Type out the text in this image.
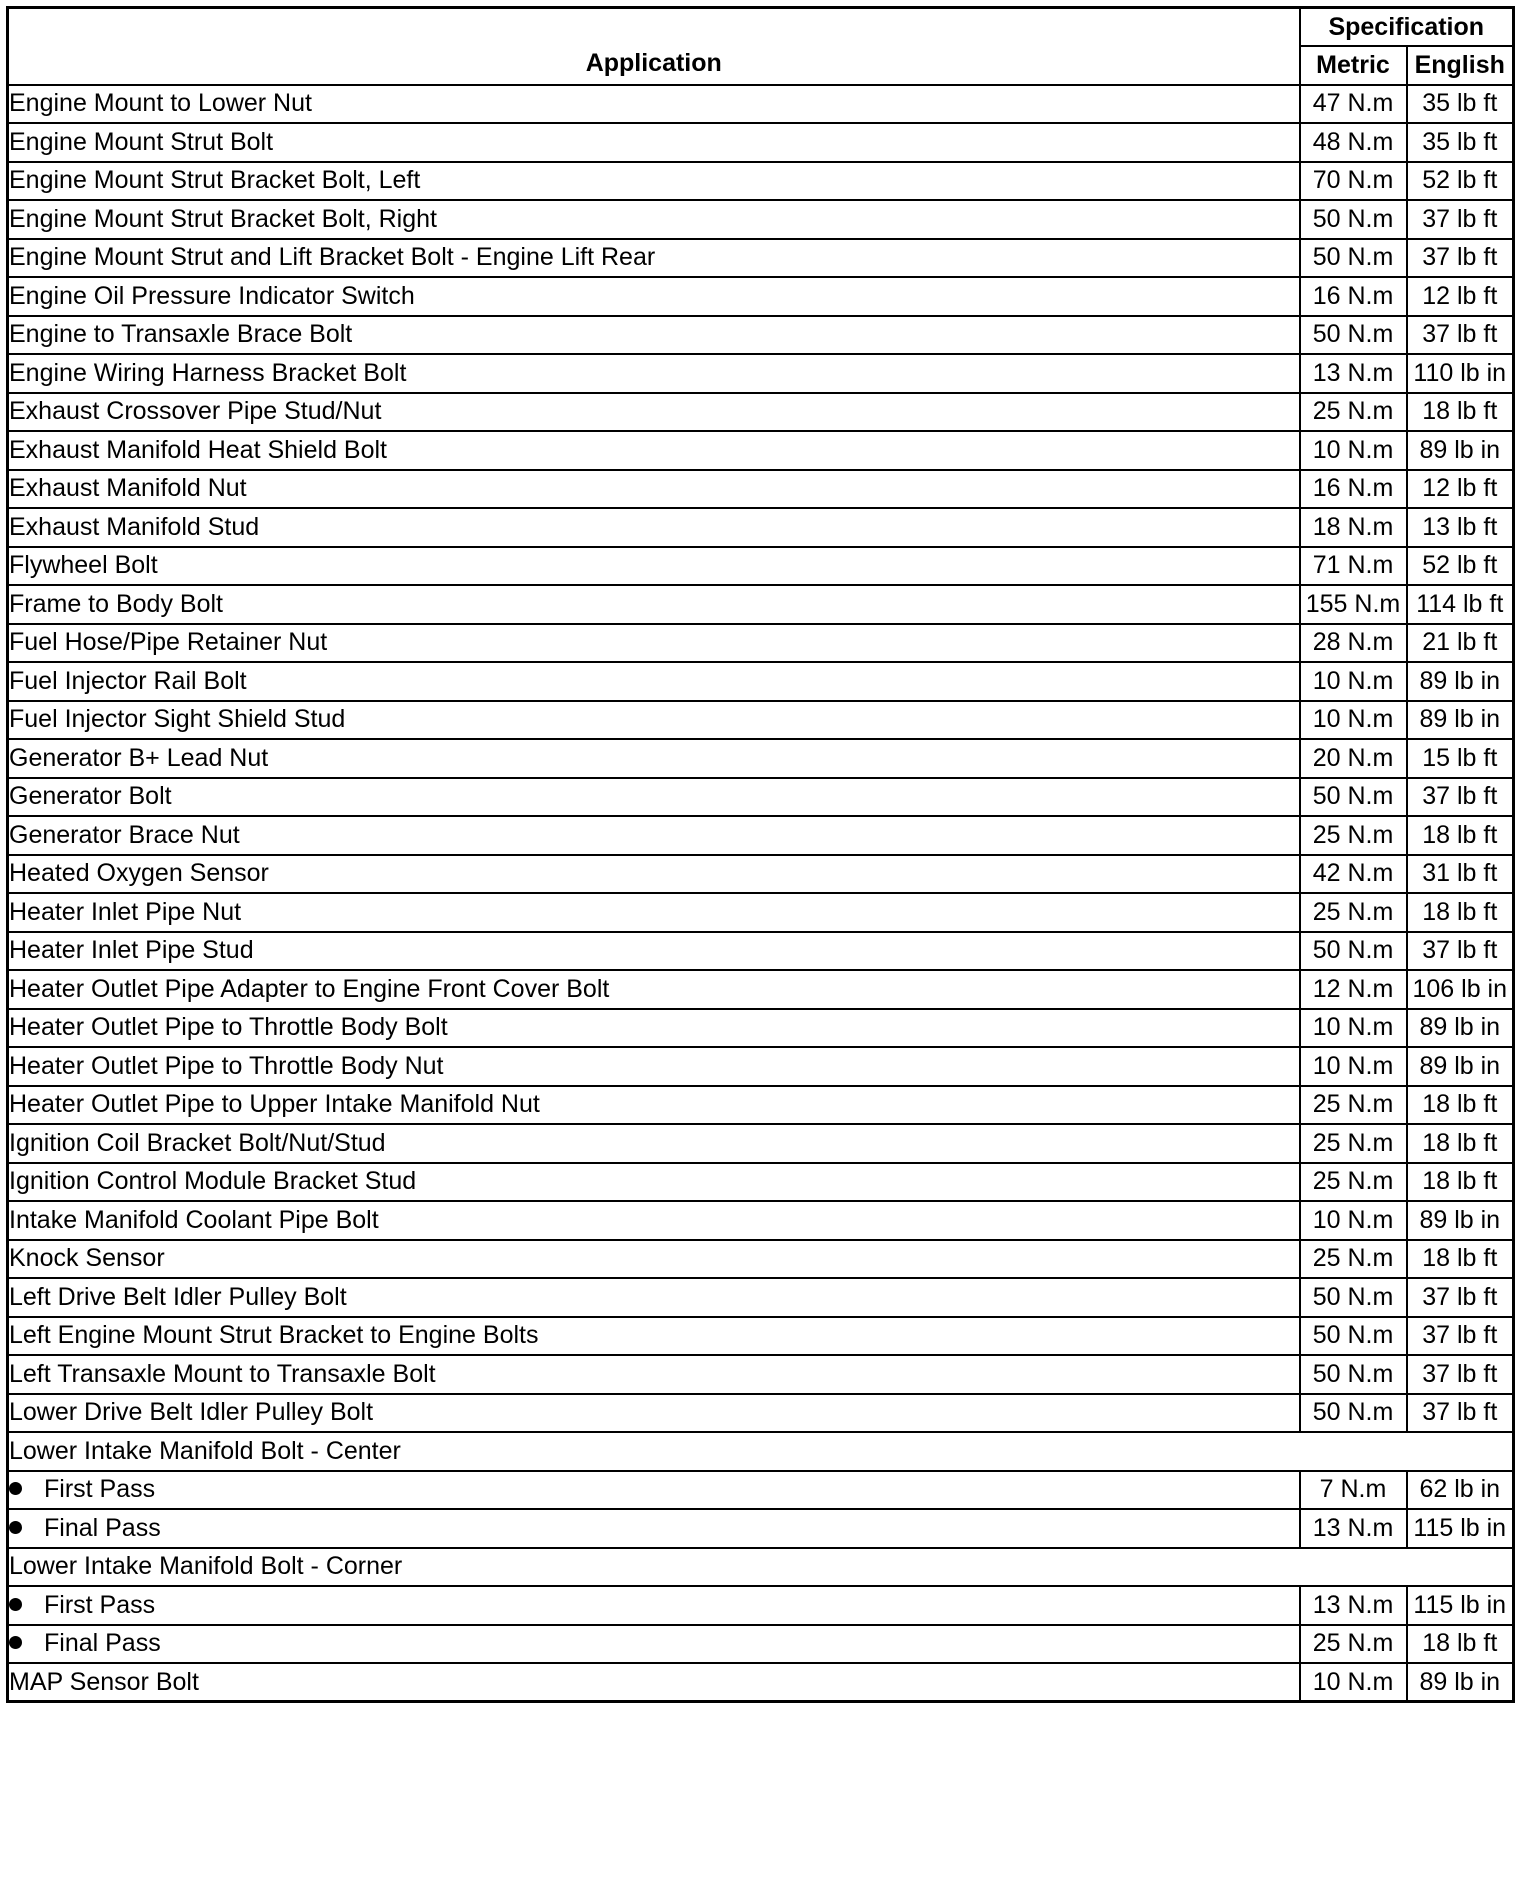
Application	Specification	
	Metric	English
Engine Mount to Lower Nut	47 N.m	35 lb ft
Engine Mount Strut Bolt	48 N.m	35 lb ft
Engine Mount Strut Bracket Bolt, Left	70 N.m	52 lb ft
Engine Mount Strut Bracket Bolt, Right	50 N.m	37 lb ft
Engine Mount Strut and Lift Bracket Bolt - Engine Lift Rear	50 N.m	37 lb ft
Engine Oil Pressure Indicator Switch	16 N.m	12 lb ft
Engine to Transaxle Brace Bolt	50 N.m	37 lb ft
Engine Wiring Harness Bracket Bolt	13 N.m	110 lb in
Exhaust Crossover Pipe Stud/Nut	25 N.m	18 lb ft
Exhaust Manifold Heat Shield Bolt	10 N.m	89 lb in
Exhaust Manifold Nut	16 N.m	12 lb ft
Exhaust Manifold Stud	18 N.m	13 lb ft
Flywheel Bolt	71 N.m	52 lb ft
Frame to Body Bolt	155 N.m	114 lb ft
Fuel Hose/Pipe Retainer Nut	28 N.m	21 lb ft
Fuel Injector Rail Bolt	10 N.m	89 lb in
Fuel Injector Sight Shield Stud	10 N.m	89 lb in
Generator B+ Lead Nut	20 N.m	15 lb ft
Generator Bolt	50 N.m	37 lb ft
Generator Brace Nut	25 N.m	18 lb ft
Heated Oxygen Sensor	42 N.m	31 lb ft
Heater Inlet Pipe Nut	25 N.m	18 lb ft
Heater Inlet Pipe Stud	50 N.m	37 lb ft
Heater Outlet Pipe Adapter to Engine Front Cover Bolt	12 N.m	106 lb in
Heater Outlet Pipe to Throttle Body Bolt	10 N.m	89 lb in
Heater Outlet Pipe to Throttle Body Nut	10 N.m	89 lb in
Heater Outlet Pipe to Upper Intake Manifold Nut	25 N.m	18 lb ft
Ignition Coil Bracket Bolt/Nut/Stud	25 N.m	18 lb ft
Ignition Control Module Bracket Stud	25 N.m	18 lb ft
Intake Manifold Coolant Pipe Bolt	10 N.m	89 lb in
Knock Sensor	25 N.m	18 lb ft
Left Drive Belt Idler Pulley Bolt	50 N.m	37 lb ft
Left Engine Mount Strut Bracket to Engine Bolts	50 N.m	37 lb ft
Left Transaxle Mount to Transaxle Bolt	50 N.m	37 lb ft
Lower Drive Belt Idler Pulley Bolt	50 N.m	37 lb ft
Lower Intake Manifold Bolt - Center		
First Pass	7 N.m	62 lb in
Final Pass	13 N.m	115 lb in
Lower Intake Manifold Bolt - Corner		
First Pass	13 N.m	115 lb in
Final Pass	25 N.m	18 lb ft
MAP Sensor Bolt	10 N.m	89 lb in
